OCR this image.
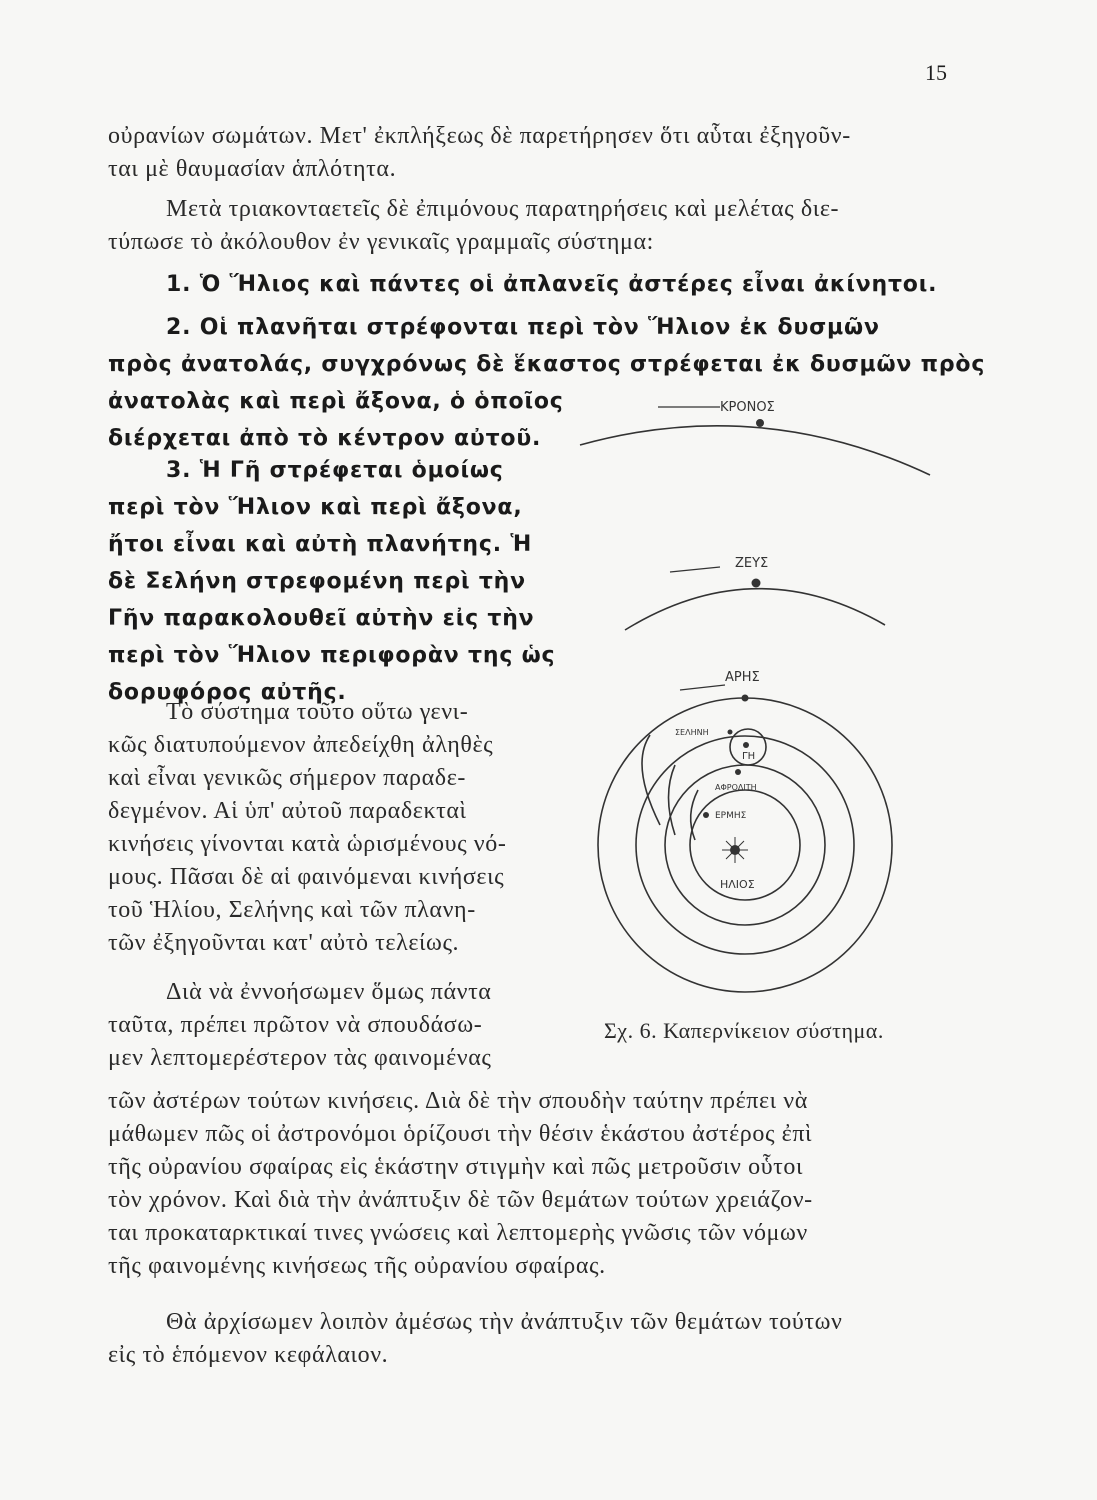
15

οὐρανίων σωμάτων. Μετ' ἐκπλήξεως δὲ παρετήρησεν ὅτι αὗται ἐξηγοῦν-
ται μὲ θαυμασίαν ἁπλότητα.

Μετὰ τριακονταετεῖς δὲ ἐπιμόνους παρατηρήσεις καὶ μελέτας διε-
τύπωσε τὸ ἀκόλουθον ἐν γενικαῖς γραμμαῖς σύστημα:

1. Ὁ Ἥλιος καὶ πάντες οἱ ἀπλανεῖς ἀστέρες εἶναι ἀκίνητοι.

2. Οἱ πλανῆται στρέφονται περὶ τὸν Ἥλιον ἐκ δυσμῶν
πρὸς ἀνατολάς, συγχρόνως δὲ ἕκαστος στρέφεται ἐκ δυσμῶν πρὸς

ἀνατολὰς καὶ περὶ ἄξονα, ὁ ὁποῖος
διέρχεται ἀπὸ τὸ κέντρον αὐτοῦ.

3. Ἡ Γῆ στρέφεται ὁμοίως
περὶ τὸν Ἥλιον καὶ περὶ ἄξονα,
ἤτοι εἶναι καὶ αὐτὴ πλανήτης. Ἡ
δὲ Σελήνη στρεφομένη περὶ τὴν
Γῆν παρακολουθεῖ αὐτὴν εἰς τὴν
περὶ τὸν Ἥλιον περιφορὰν της ὡς
δορυφόρος αὐτῆς.

Τὸ σύστημα τοῦτο οὕτω γενι-
κῶς διατυπούμενον ἀπεδείχθη ἀληθὲς
καὶ εἶναι γενικῶς σήμερον παραδε-
δεγμένον. Αἱ ὑπ' αὐτοῦ παραδεκταὶ
κινήσεις γίνονται κατὰ ὡρισμένους νό-
μους. Πᾶσαι δὲ αἱ φαινόμεναι κινήσεις
τοῦ Ἡλίου, Σελήνης καὶ τῶν πλανη-
τῶν ἐξηγοῦνται κατ' αὐτὸ τελείως.

Διὰ νὰ ἐννοήσωμεν ὅμως πάντα
ταῦτα, πρέπει πρῶτον νὰ σπουδάσω-
μεν λεπτομερέστερον τὰς φαινομένας

τῶν ἀστέρων τούτων κινήσεις. Διὰ δὲ τὴν σπουδὴν ταύτην πρέπει νὰ
μάθωμεν πῶς οἱ ἀστρονόμοι ὁρίζουσι τὴν θέσιν ἑκάστου ἀστέρος ἐπὶ
τῆς οὐρανίου σφαίρας εἰς ἑκάστην στιγμὴν καὶ πῶς μετροῦσιν οὗτοι
τὸν χρόνον. Καὶ διὰ τὴν ἀνάπτυξιν δὲ τῶν θεμάτων τούτων χρειάζον-
ται προκαταρκτικαί τινες γνώσεις καὶ λεπτομερὴς γνῶσις τῶν νόμων
τῆς φαινομένης κινήσεως τῆς οὐρανίου σφαίρας.

Θὰ ἀρχίσωμεν λοιπὸν ἀμέσως τὴν ἀνάπτυξιν τῶν θεμάτων τούτων
εἰς τὸ ἑπόμενον κεφάλαιον.

ΚΡΟΝΟΣ
ΖΕΥΣ
ΑΡΗΣ
ΣΕΛΗΝΗ
ΓΗ
ΑΦΡΟΔΙΤΗ
ΕΡΜΗΣ
ΗΛΙΟΣ
Σχ. 6. Καπερνίκειον σύστημα.
